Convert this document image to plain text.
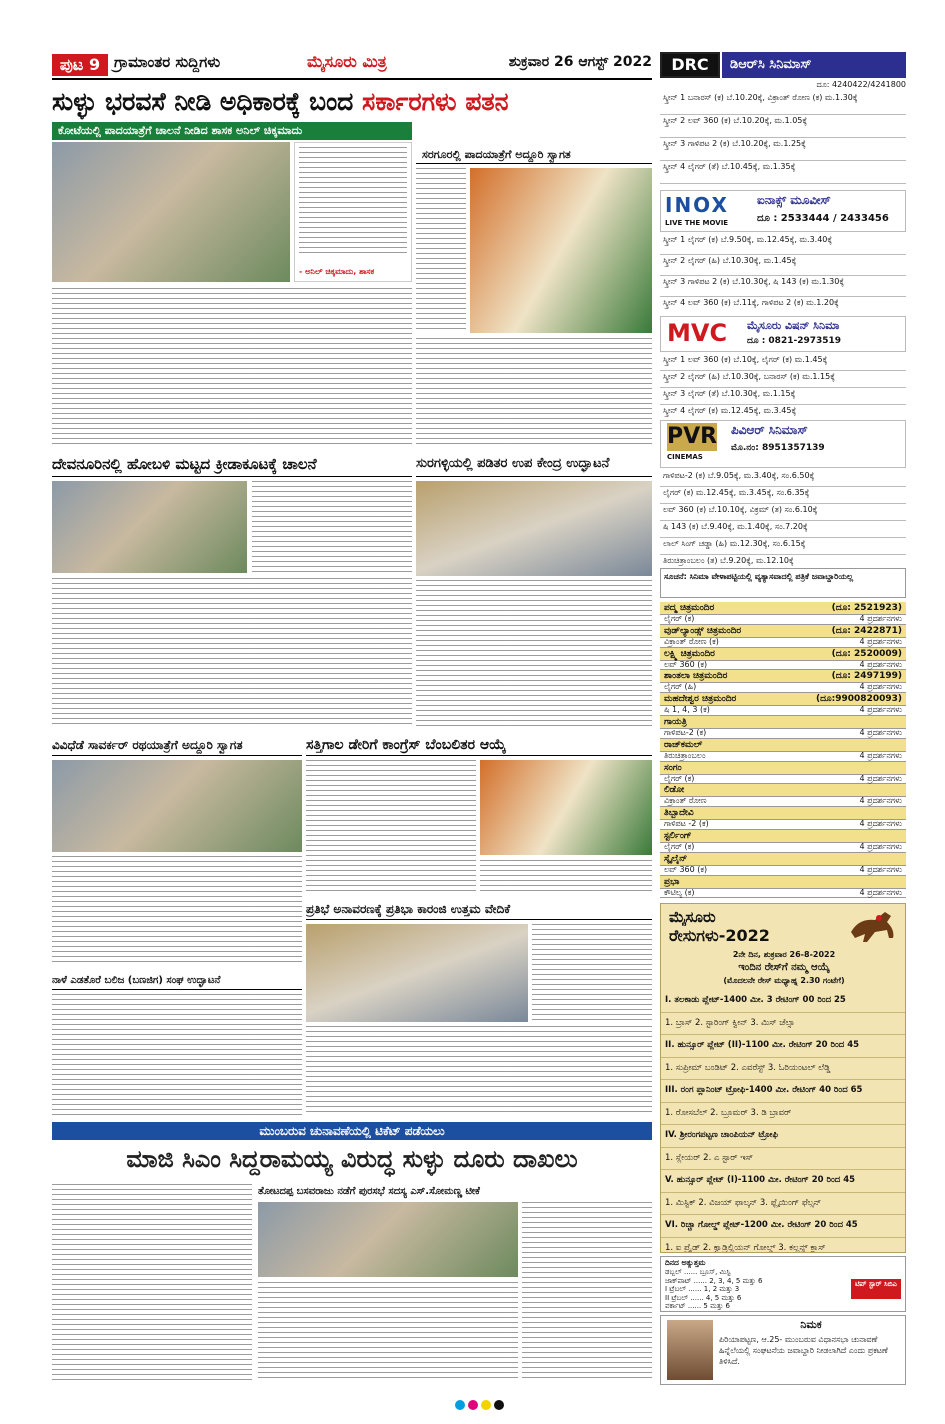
ಪುಟ 9 ಗ್ರಾಮಾಂತರ ಸುದ್ದಿಗಳು	ಮೈಸೂರು ಮಿತ್ರ	ಶುಕ್ರವಾರ 26 ಆಗಸ್ಟ್ 2022
ಸುಳ್ಳು ಭರವಸೆ ನೀಡಿ ಅಧಿಕಾರಕ್ಕೆ ಬಂದ ಸರ್ಕಾರಗಳು ಪತನ
ಕೋಟೆಯಲ್ಲಿ ಪಾದಯಾತ್ರೆಗೆ ಚಾಲನೆ ನೀಡಿದ ಶಾಸಕ ಅನಿಲ್ ಚಿಕ್ಕಮಾದು
- ಅನಿಲ್ ಚಿಕ್ಕಮಾದು, ಶಾಸಕ
ಸರಗೂರಲ್ಲಿ ಪಾದಯಾತ್ರೆಗೆ ಅದ್ದೂರಿ ಸ್ವಾಗತ
ದೇವನೂರಿನಲ್ಲಿ ಹೋಬಳಿ ಮಟ್ಟದ ಕ್ರೀಡಾಕೂಟಕ್ಕೆ ಚಾಲನೆ	ಸುರಗಳ್ಳಿಯಲ್ಲಿ ಪಡಿತರ ಉಪ ಕೇಂದ್ರ ಉದ್ಘಾಟನೆ
ವಿವಿಧೆಡೆ ಸಾವರ್ಕರ್ ರಥಯಾತ್ರೆಗೆ ಅದ್ದೂರಿ ಸ್ವಾಗತ	ಸತ್ತಿಗಾಲ ಡೇರಿಗೆ ಕಾಂಗ್ರೆಸ್ ಬೆಂಬಲಿತರ ಆಯ್ಕೆ
ಪ್ರತಿಭೆ ಅನಾವರಣಕ್ಕೆ ಪ್ರತಿಭಾ ಕಾರಂಜಿ ಉತ್ತಮ ವೇದಿಕೆ
ನಾಳೆ ಎಡತೊರೆ ಬಲಿಜ (ಬಣಜಿಗ) ಸಂಘ ಉದ್ಘಾಟನೆ
ಮುಂಬರುವ ಚುನಾವಣೆಯಲ್ಲಿ ಟಿಕೆಟ್ ಪಡೆಯಲು
ಮಾಜಿ ಸಿಎಂ ಸಿದ್ದರಾಮಯ್ಯ ವಿರುದ್ಧ ಸುಳ್ಳು ದೂರು ದಾಖಲು
ತೋಟದಪ್ಪ ಬಸವರಾಜು ನಡೆಗೆ ಪುರಸಭೆ ಸದಸ್ಯ ಎಸ್.ಸೋಮಣ್ಣ ಟೀಕೆ
DRC	ಡಿಆರ್‌ಸಿ ಸಿನಿಮಾಸ್
ದೂ: 4240422/4241800
ಸ್ಕ್ರೀನ್ 1 ಬನಾರಸ್ (ಕ) ಬೆ.10.20ಕ್ಕೆ, ವಿಕ್ರಾಂತ್ ರೋಣ (ಕ) ಮ.1.30ಕ್ಕೆ
ಸ್ಕ್ರೀನ್ 2 ಲವ್ 360 (ಕ) ಬೆ.10.20ಕ್ಕೆ, ಮ.1.05ಕ್ಕೆ
ಸ್ಕ್ರೀನ್ 3 ಗಾಳಿಪಟ 2 (ಕ) ಬೆ.10.20ಕ್ಕೆ, ಮ.1.25ಕ್ಕೆ
ಸ್ಕ್ರೀನ್ 4 ಲೈಗರ್ (ತೆ) ಬೆ.10.45ಕ್ಕೆ, ಮ.1.35ಕ್ಕೆ
INOX
LIVE THE MOVIE
ಐನಾಕ್ಸ್ ಮೂವೀಸ್
ದೂ : 2533444 / 2433456
ಸ್ಕ್ರೀನ್ 1 ಲೈಗರ್ (ಕ) ಬೆ.9.50ಕ್ಕೆ, ಮ.12.45ಕ್ಕೆ, ಮ.3.40ಕ್ಕೆ
ಸ್ಕ್ರೀನ್ 2 ಲೈಗರ್ (ಹಿ) ಬೆ.10.30ಕ್ಕೆ, ಮ.1.45ಕ್ಕೆ
ಸ್ಕ್ರೀನ್ 3 ಗಾಳಿಪಟ 2 (ಕ) ಬೆ.10.30ಕ್ಕೆ, ಷಿ 143 (ಕ) ಮ.1.30ಕ್ಕೆ
ಸ್ಕ್ರೀನ್ 4 ಲವ್ 360 (ಕ) ಬೆ.11ಕ್ಕೆ, ಗಾಳಿಪಟ 2 (ಕ) ಮ.1.20ಕ್ಕೆ
MVC	ಮೈಸೂರು ವಿಷನ್ ಸಿನಿಮಾ
ದೂ : 0821-2973519
ಸ್ಕ್ರೀನ್ 1 ಲವ್ 360 (ಕ) ಬೆ.10ಕ್ಕೆ, ಲೈಗರ್ (ಕ) ಮ.1.45ಕ್ಕೆ
ಸ್ಕ್ರೀನ್ 2 ಲೈಗರ್ (ಹಿ) ಬೆ.10.30ಕ್ಕೆ, ಬನಾರಸ್ (ಕ) ಮ.1.15ಕ್ಕೆ
ಸ್ಕ್ರೀನ್ 3 ಲೈಗರ್ (ತೆ) ಬೆ.10.30ಕ್ಕೆ, ಮ.1.15ಕ್ಕೆ
ಸ್ಕ್ರೀನ್ 4 ಲೈಗರ್ (ಕ) ಮ.12.45ಕ್ಕೆ, ಮ.3.45ಕ್ಕೆ
PVR
CINEMAS
ಪಿವಿಆರ್ ಸಿನಿಮಾಸ್
ಮೊ.ನಂ: 8951357139
ಗಾಳಿಪಟ-2 (ಕ) ಬೆ.9.05ಕ್ಕೆ, ಮ.3.40ಕ್ಕೆ, ಸಂ.6.50ಕ್ಕೆ
ಲೈಗರ್ (ಕ) ಮ.12.45ಕ್ಕೆ, ಮ.3.45ಕ್ಕೆ, ಸಂ.6.35ಕ್ಕೆ
ಲವ್ 360 (ಕ) ಬೆ.10.10ಕ್ಕೆ, ವಿಕ್ರಮ್ (ತ) ಸಂ.6.10ಕ್ಕೆ
ಷಿ 143 (ಕ) ಬೆ.9.40ಕ್ಕೆ, ಮ.1.40ಕ್ಕೆ, ಸಂ.7.20ಕ್ಕೆ
ಲಾಲ್ ಸಿಂಗ್ ಚಡ್ಡಾ (ಹಿ) ಮ.12.30ಕ್ಕೆ, ಸಂ.6.15ಕ್ಕೆ
ತಿರುಚಿತ್ರಾಂಬಲಂ (ತ) ಬೆ.9.20ಕ್ಕೆ, ಮ.12.10ಕ್ಕೆ
ಸೂಚನೆ: ಸಿನಿಮಾ ವೇಳಾಪಟ್ಟಿಯಲ್ಲಿ ವ್ಯತ್ಯಾಸವಾದಲ್ಲಿ ಪತ್ರಿಕೆ ಜವಾಬ್ದಾರಿಯಲ್ಲ
ಪದ್ಮ ಚಿತ್ರಮಂದಿರ	(ದೂ: 2521923)
ಲೈಗರ್ (ಕ)	4 ಪ್ರದರ್ಶನಗಳು
ವುಡ್‌ಲ್ಯಾಂಡ್ಸ್ ಚಿತ್ರಮಂದಿರ	(ದೂ: 2422871)
ವಿಕ್ರಾಂತ್ ರೋಣ (ಕ)	4 ಪ್ರದರ್ಶನಗಳು
ಲಕ್ಷ್ಮಿ ಚಿತ್ರಮಂದಿರ	(ದೂ: 2520009)
ಲವ್ 360 (ಕ)	4 ಪ್ರದರ್ಶನಗಳು
ಶಾಂತಲಾ ಚಿತ್ರಮಂದಿರ	(ದೂ: 2497199)
ಲೈಗರ್ (ಹಿ)	4 ಪ್ರದರ್ಶನಗಳು
ಮಹದೇಶ್ವರ ಚಿತ್ರಮಂದಿರ	(ದೂ:9900820093)
ಷಿ 1, 4, 3 (ಕ)	4 ಪ್ರದರ್ಶನಗಳು
ಗಾಯತ್ರಿ
ಗಾಳಿಪಟ-2 (ಕ)	4 ಪ್ರದರ್ಶನಗಳು
ರಾಜ್‌ಕಮಲ್
ತಿರುಚಿತ್ರಾಂಬಲಂ	4 ಪ್ರದರ್ಶನಗಳು
ಸಂಗಂ
ಲೈಗರ್ (ಕ)	4 ಪ್ರದರ್ಶನಗಳು
ಲಿಡೋ
ವಿಕ್ರಾಂತ್ ರೋಣ	4 ಪ್ರದರ್ಶನಗಳು
ತಿಬ್ಬಾದೇವಿ
ಗಾಳಿಪಟ -2 (ಕ)	4 ಪ್ರದರ್ಶನಗಳು
ಸ್ಟರ್ಲಿಂಗ್
ಲೈಗರ್ (ಕ)	4 ಪ್ರದರ್ಶನಗಳು
ಸ್ಕೈಲೈನ್
ಲವ್ 360 (ಕ)	4 ಪ್ರದರ್ಶನಗಳು
ಪ್ರಭಾ
ಕೌಟಿಲ್ಯ (ಕ)	4 ಪ್ರದರ್ಶನಗಳು
ಮೈಸೂರು
ರೇಸುಗಳು-2022
2ನೇ ದಿನ, ಶುಕ್ರವಾರ 26-8-2022
ಇಂದಿನ ರೇಸ್‌ಗೆ ನಮ್ಮ ಆಯ್ಕೆ
(ಮೊದಲನೇ ರೇಸ್ ಮಧ್ಯಾಹ್ನ 2.30 ಗಂಟೆಗೆ)
I. ತಲಕಾಡು ಪ್ಲೇಟ್-1400 ಮೀ. 3 ರೇಟಿಂಗ್ 00 ರಿಂದ 25
1. ಬ್ರಾಸ್ 2. ಸ್ಟಾರಿಂಗ್ ಕ್ವೀನ್ 3. ಮಿಸ್ ಚೆಲ್ಸಾ
II. ಹುನ್ಸೂರ್ ಪ್ಲೇಟ್ (II)-1100 ಮೀ. ರೇಟಿಂಗ್ 20 ರಿಂದ 45
1. ಸುಪ್ರೀಮ್ ಬಂಡಿಟ್ 2. ಎವರೆಸ್ಟ್ 3. ಓರಿಯಂಟಲ್ ಲೆಡ್ಡಿ
III. ರಂಗ ಪ್ಲಾನಿಂಟ್ ಟ್ರೋಫಿ-1400 ಮೀ. ರೇಟಿಂಗ್ 40 ರಿಂದ 65
1. ರೋಸಬೆಲ್ 2. ಬ್ರೂಮರ್ 3. ಡಿ ಬ್ರಾವರ್
IV. ಶ್ರೀರಂಗಪಟ್ಟಣ ಚಾಂಪಿಯನ್ ಟ್ರೋಫಿ
1. ಸ್ಲೇಯರ್ 2. ಎ ಸ್ಟಾರ್ ಇಸ್
V. ಹುನ್ಸೂರ್ ಪ್ಲೇಟ್ (I)-1100 ಮೀ. ರೇಟಿಂಗ್ 20 ರಿಂದ 45
1. ಮಿಸ್ಟಿಕ್ 2. ವಿಜಯ್ ಫಾಲ್ಕನ್ 3. ಫ್ಲೈಯಿಂಗ್ ಫೆಲ್ಸನ್
VI. ರಿಚ್ಚಾ ಗೋಲ್ಡ್ ಪ್ಲೇಟ್-1200 ಮೀ. ರೇಟಿಂಗ್ 20 ರಿಂದ 45
1. ಐ ಪ್ರೈಡ್ 2. ಕ್ವಾಡ್ರಿಲ್ಲಿಯನ್ ಗೋಲ್ಡ್ 3. ಕಲ್ಲನ್ಸ್ ಕ್ಲಾಸ್
ದಿನದ ಅತ್ಯುತ್ತಮ
ಡಬ್ಬಲ್ ...... ಬ್ರೂಸ್, ಮಿಸ್ಟಿ
ಜಾಕ್‌ಪಾಟ್ ...... 2, 3, 4, 5 ಮತ್ತು 6
I ಟ್ರೆಬಲ್ ...... 1, 2 ಮತ್ತು 3
II ಟ್ರೆಬಲ್ ...... 4, 5 ಮತ್ತು 6
ವರ್ಕಾಟ್ ...... 5 ಮತ್ತು 6
ಟಿಪ್ ಸ್ಟಾರ್ ಸಿಬಿಎ
ನಿಮಕ
ಪಿರಿಯಾಪಟ್ಟಣ, ಆ.25- ಮುಂಬರುವ ವಿಧಾನಸಭಾ ಚುನಾವಣೆ ಹಿನ್ನೆಲೆಯಲ್ಲಿ ಸಂಘಟನೆಯ ಜವಾಬ್ದಾರಿ ನೀಡಲಾಗಿದೆ ಎಂದು ಪ್ರಕಟಣೆ ತಿಳಿಸಿದೆ.
